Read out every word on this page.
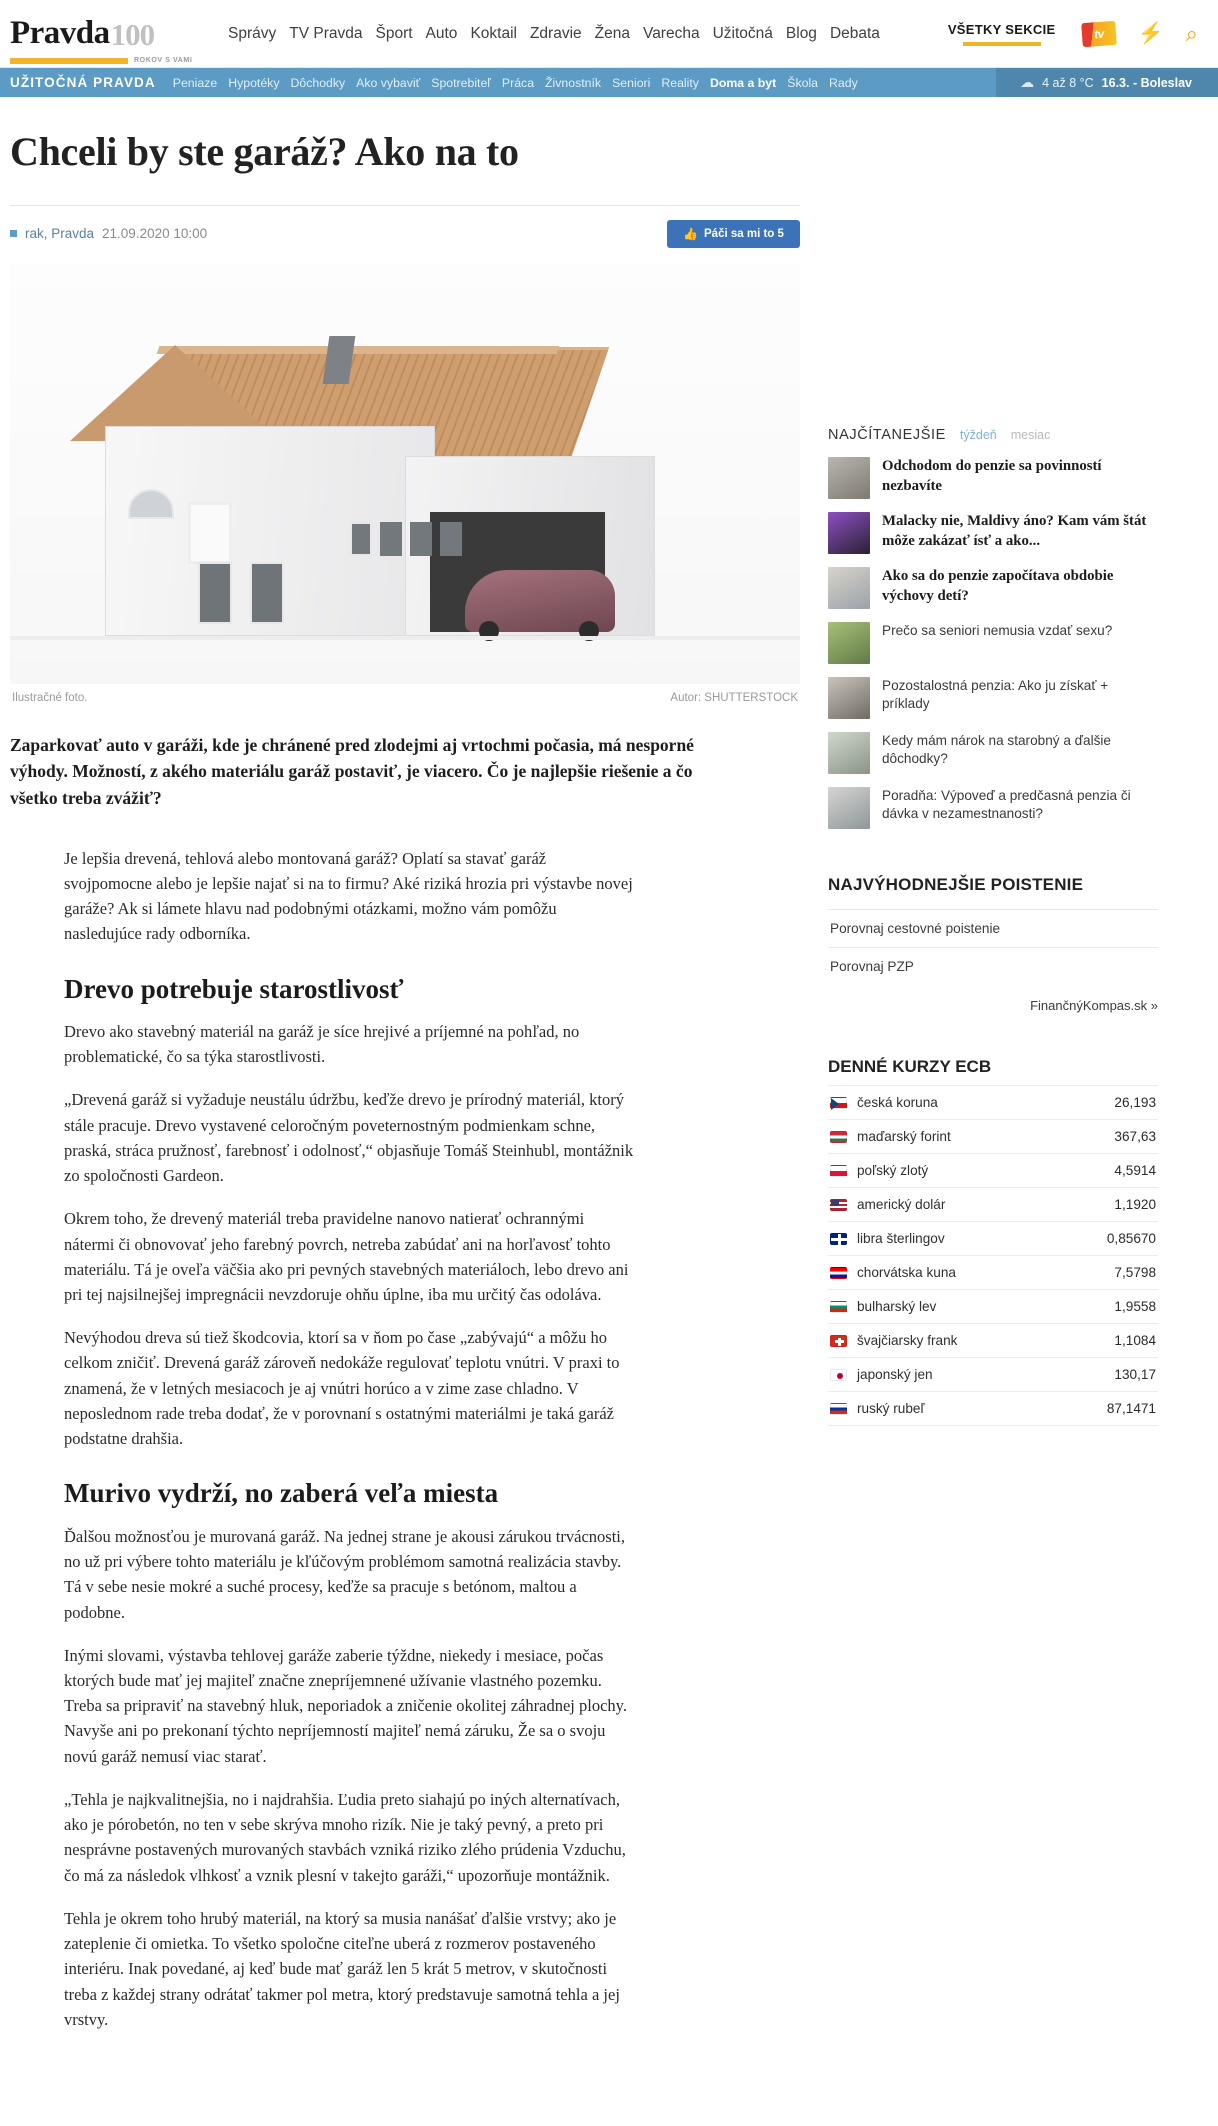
Pravda 100
ROKOV S VAMI
Správy TV Pravda Šport Auto Koktail Zdravie Žena Varecha Užitočná Blog Debata	VŠETKY SEKCIE	tv ⚡ ⌕
UŽITOČNÁ PRAVDA Peniaze Hypotéky Dôchodky Ako vybaviť Spotrebiteľ Práca Živnostník Seniori Reality Doma a byt Škola Rady	☁ 4 až 8 °C 16.3. - Boleslav
Chceli by ste garáž? Ako na to
rak, Pravda 21.09.2020 10:00	👍 Páči sa mi to 5
Ilustračné foto.	Autor: SHUTTERSTOCK

Zaparkovať auto v garáži, kde je chránené pred zlodejmi aj vrtochmi počasia, má nesporné výhody. Možností, z akého materiálu garáž postaviť, je viacero. Čo je najlepšie riešenie a čo všetko treba zvážiť?

Je lepšia drevená, tehlová alebo montovaná garáž? Oplatí sa stavať garáž svojpomocne alebo je lepšie najať si na to firmu? Aké riziká hrozia pri výstavbe novej garáže? Ak si lámete hlavu nad podobnými otázkami, možno vám pomôžu nasledujúce rady odborníka.

Drevo potrebuje starostlivosť

Drevo ako stavebný materiál na garáž je síce hrejivé a príjemné na pohľad, no problematické, čo sa týka starostlivosti.

„Drevená garáž si vyžaduje neustálu údržbu, keďže drevo je prírodný materiál, ktorý stále pracuje. Drevo vystavené celoročným poveternostným podmienkam schne, praská, stráca pružnosť, farebnosť i odolnosť,“ objasňuje Tomáš Steinhubl, montážnik zo spoločnosti Gardeon.

Okrem toho, že drevený materiál treba pravidelne nanovo natierať ochrannými nátermi či obnovovať jeho farebný povrch, netreba zabúdať ani na horľavosť tohto materiálu. Tá je oveľa väčšia ako pri pevných stavebných materiáloch, lebo drevo ani pri tej najsilnejšej impregnácii nevzdoruje ohňu úplne, iba mu určitý čas odoláva.

Nevýhodou dreva sú tiež škodcovia, ktorí sa v ňom po čase „zabývajú“ a môžu ho celkom zničiť. Drevená garáž zároveň nedokáže regulovať teplotu vnútri. V praxi to znamená, že v letných mesiacoch je aj vnútri horúco a v zime zase chladno. V neposlednom rade treba dodať, že v porovnaní s ostatnými materiálmi je taká garáž podstatne drahšia.

Murivo vydrží, no zaberá veľa miesta

Ďalšou možnosťou je murovaná garáž. Na jednej strane je akousi zárukou trvácnosti, no už pri výbere tohto materiálu je kľúčovým problémom samotná realizácia stavby. Tá v sebe nesie mokré a suché procesy, keďže sa pracuje s betónom, maltou a podobne.

Inými slovami, výstavba tehlovej garáže zaberie týždne, niekedy i mesiace, počas ktorých bude mať jej majiteľ značne znepríjemnené užívanie vlastného pozemku. Treba sa pripraviť na stavebný hluk, neporiadok a zničenie okolitej záhradnej plochy. Navyše ani po prekonaní týchto nepríjemností majiteľ nemá záruku, Že sa o svoju novú garáž nemusí viac starať.

„Tehla je najkvalitnejšia, no i najdrahšia. Ľudia preto siahajú po iných alternatívach, ako je pórobetón, no ten v sebe skrýva mnoho rizík. Nie je taký pevný, a preto pri nesprávne postavených murovaných stavbách vzniká riziko zlého prúdenia Vzduchu, čo má za následok vlhkosť a vznik plesní v takejto garáži,“ upozorňuje montážnik.

Tehla je okrem toho hrubý materiál, na ktorý sa musia nanášať ďalšie vrstvy; ako je zateplenie či omietka. To všetko spoločne citeľne uberá z rozmerov postaveného interiéru. Inak povedané, aj keď bude mať garáž len 5 krát 5 metrov, v skutočnosti treba z každej strany odrátať takmer pol metra, ktorý predstavuje samotná tehla a jej vrstvy.

NAJČÍTANEJŠIE týždeň mesiac
Odchodom do penzie sa povinností nezbavíte
Malacky nie, Maldivy áno? Kam vám štát môže zakázať ísť a ako...
Ako sa do penzie započítava obdobie výchovy detí?
Prečo sa seniori nemusia vzdať sexu?
Pozostalostná penzia: Ako ju získať + príklady
Kedy mám nárok na starobný a ďalšie dôchodky?
Poradňa: Výpoveď a predčasná penzia či dávka v nezamestnanosti?
NAJVÝHODNEJŠIE POISTENIE
Porovnaj cestovné poistenie
Porovnaj PZP
FinančnýKompas.sk »
DENNÉ KURZY ECB
česká koruna	26,193
maďarský forint	367,63
poľský zlotý	4,5914
americký dolár	1,1920
libra šterlingov	0,85670
chorvátska kuna	7,5798
bulharský lev	1,9558
švajčiarsky frank	1,1084
japonský jen	130,17
ruský rubeľ	87,1471
